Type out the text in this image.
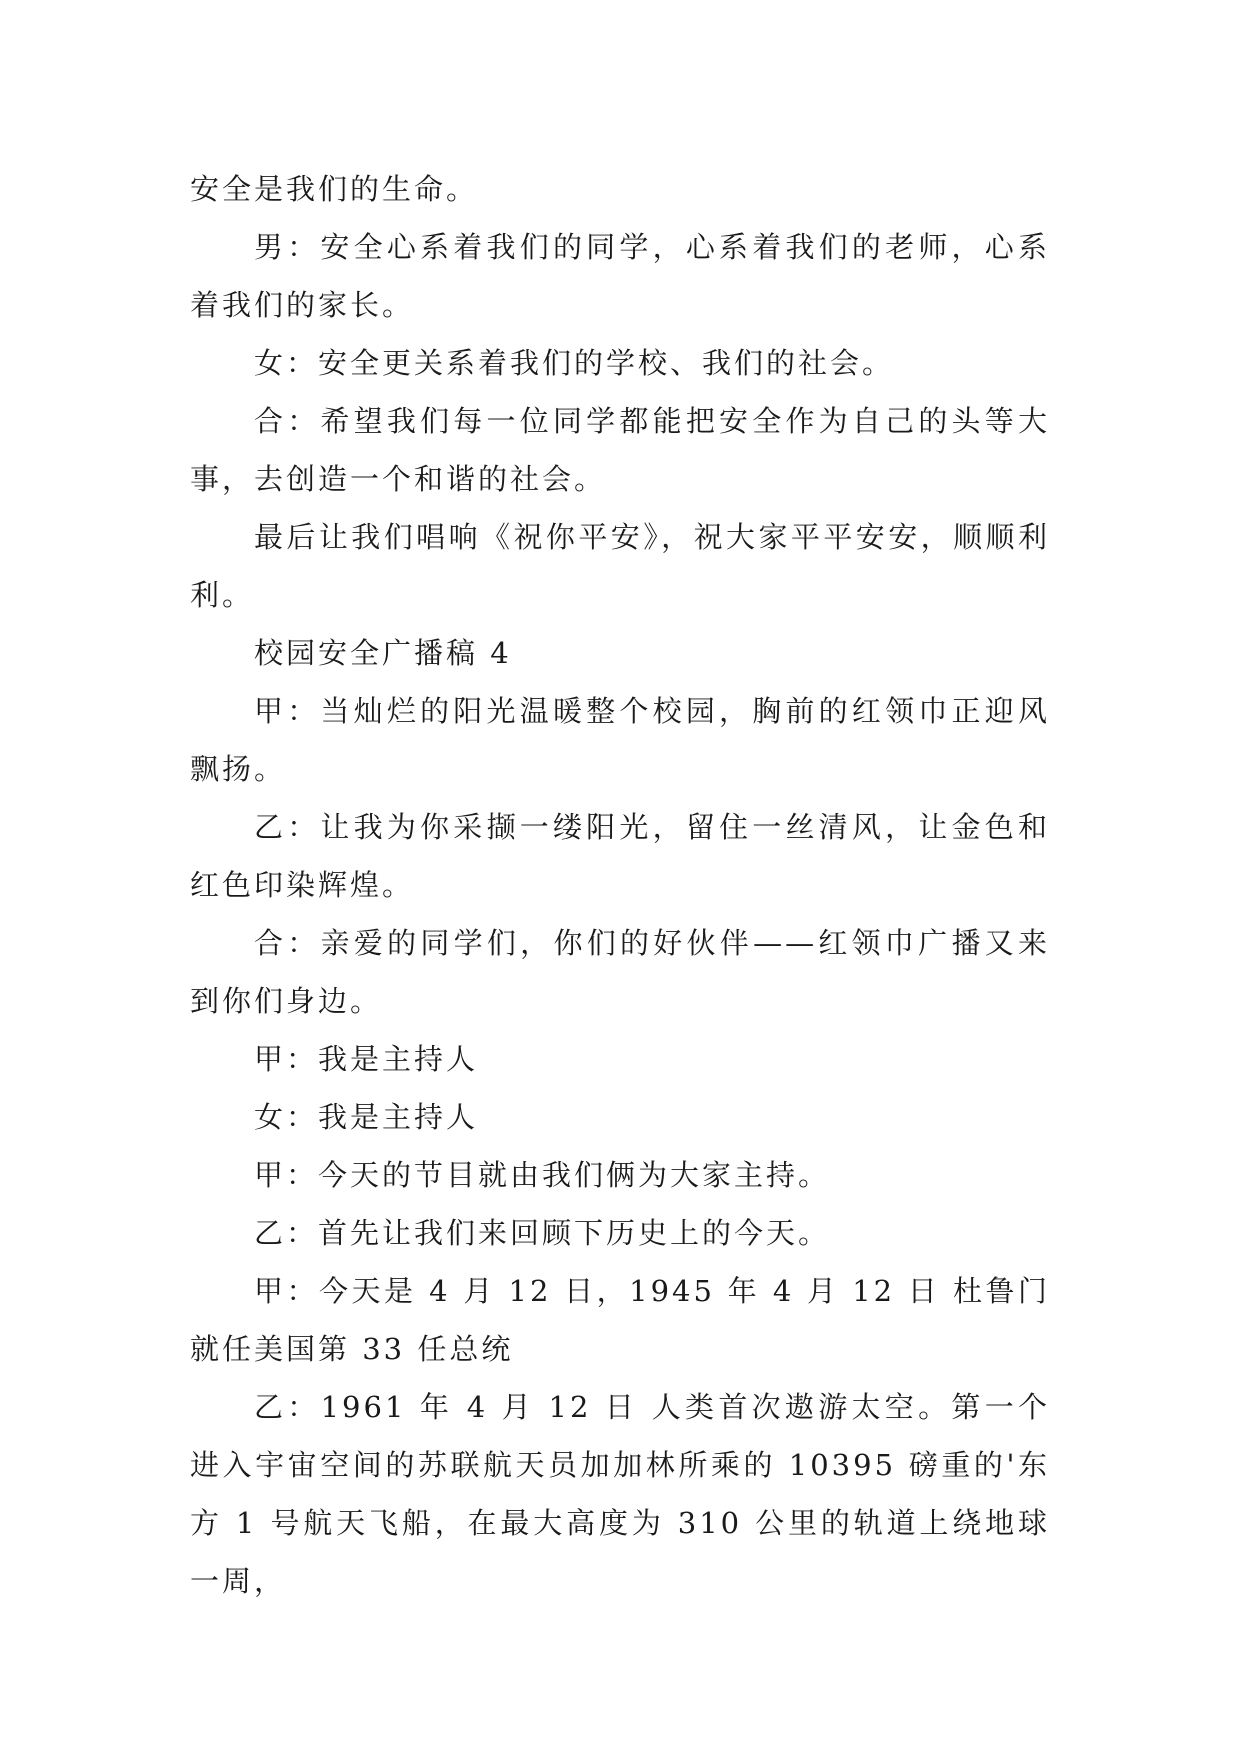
安全是我们的生命。

男：安全心系着我们的同学，心系着我们的老师，心系着我们的家长。

女：安全更关系着我们的学校、我们的社会。

合：希望我们每一位同学都能把安全作为自己的头等大事，去创造一个和谐的社会。

最后让我们唱响《祝你平安》，祝大家平平安安，顺顺利利。

校园安全广播稿 4

甲：当灿烂的阳光温暖整个校园，胸前的红领巾正迎风飘扬。

乙：让我为你采撷一缕阳光，留住一丝清风，让金色和红色印染辉煌。

合：亲爱的同学们，你们的好伙伴——红领巾广播又来到你们身边。

甲：我是主持人

女：我是主持人

甲：今天的节目就由我们俩为大家主持。

乙：首先让我们来回顾下历史上的今天。

甲：今天是 4 月 12 日，1945 年 4 月 12 日 杜鲁门就任美国第 33 任总统

乙：1961 年 4 月 12 日 人类首次遨游太空。第一个进入宇宙空间的苏联航天员加加林所乘的 10395 磅重的'东方 1 号航天飞船，在最大高度为 310 公里的轨道上绕地球一周，
